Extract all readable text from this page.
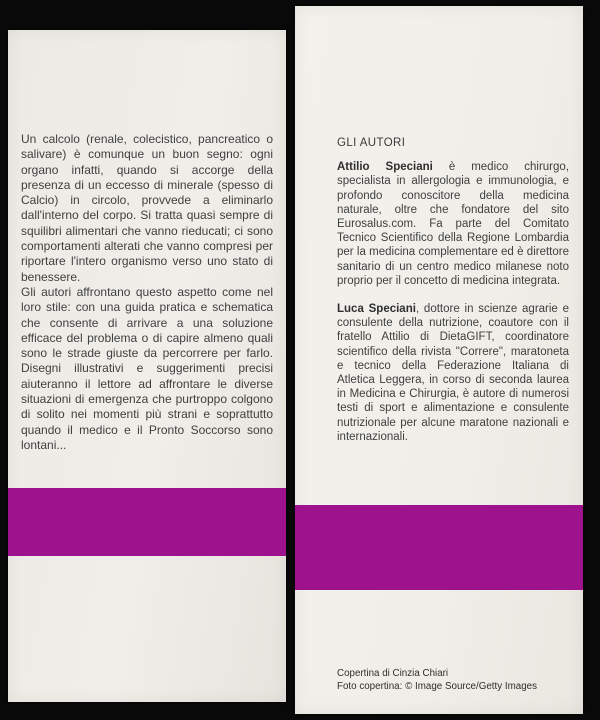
Un calcolo (renale, colecistico, pancreatico o salivare) è comunque un buon segno: ogni organo infatti, quando si accorge della presenza di un eccesso di minerale (spesso di Calcio) in circolo, provvede a eliminarlo dall'interno del corpo. Si tratta quasi sempre di squilibri alimentari che vanno rieducati; ci sono comportamenti alterati che vanno compresi per riportare l'intero organismo verso uno stato di benessere.

Gli autori affrontano questo aspetto come nel loro stile: con una guida pratica e schematica che consente di arrivare a una soluzione efficace del problema o di capire almeno quali sono le strade giuste da percorrere per farlo. Disegni illustrativi e suggerimenti precisi aiuteranno il lettore ad affrontare le diverse situazioni di emergenza che purtroppo colgono di solito nei momenti più strani e soprattutto quando il medico e il Pronto Soccorso sono lontani...

GLI AUTORI

Attilio Speciani è medico chirurgo, specialista in allergologia e immunologia, e profondo conoscitore della medicina naturale, oltre che fondatore del sito Eurosalus.com. Fa parte del Comitato Tecnico Scientifico della Regione Lombardia per la medicina complementare ed è direttore sanitario di un centro medico milanese noto proprio per il concetto di medicina integrata.

Luca Speciani, dottore in scienze agrarie e consulente della nutrizione, coautore con il fratello Attilio di DietaGIFT, coordinatore scientifico della rivista "Correre", maratoneta e tecnico della Federazione Italiana di Atletica Leggera, in corso di seconda laurea in Medicina e Chirurgia, è autore di numerosi testi di sport e alimentazione e consulente nutrizionale per alcune maratone nazionali e internazionali.

Copertina di Cinzia Chiari
Foto copertina: © Image Source/Getty Images
